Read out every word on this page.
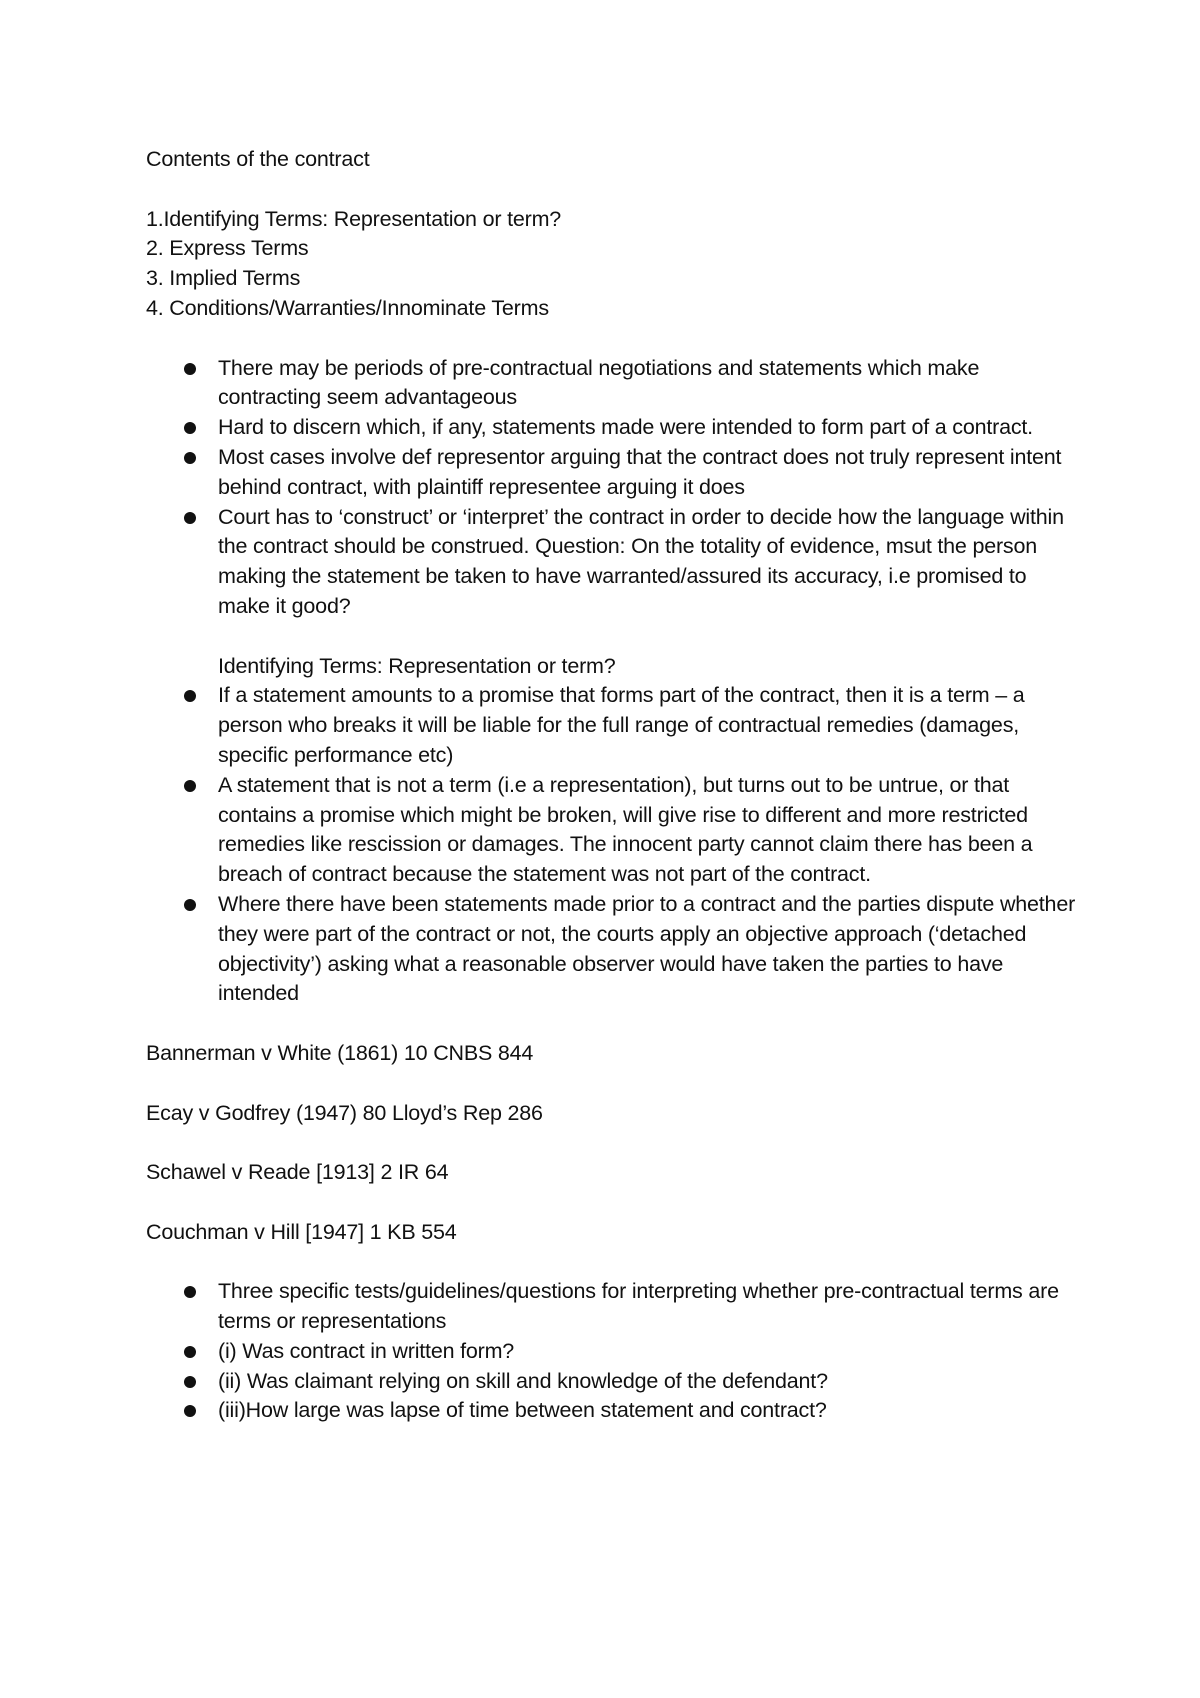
Contents of the contract

1.Identifying Terms: Representation or term?
2. Express Terms
3. Implied Terms
4. Conditions/Warranties/Innominate Terms
There may be periods of pre-contractual negotiations and statements which make contracting seem advantageous
Hard to discern which, if any, statements made were intended to form part of a contract.
Most cases involve def representor arguing that the contract does not truly represent intent behind contract, with plaintiff representee arguing it does
Court has to ‘construct’ or ‘interpret’ the contract in order to decide how the language within the contract should be construed. Question: On the totality of evidence, msut the person making the statement be taken to have warranted/assured its accuracy, i.e promised to make it good?

Identifying Terms: Representation or term?

If a statement amounts to a promise that forms part of the contract, then it is a term – a person who breaks it will be liable for the full range of contractual remedies (damages, specific performance etc)
A statement that is not a term (i.e a representation), but turns out to be untrue, or that contains a promise which might be broken, will give rise to different and more restricted remedies like rescission or damages. The innocent party cannot claim there has been a breach of contract because the statement was not part of the contract.
Where there have been statements made prior to a contract and the parties dispute whether they were part of the contract or not, the courts apply an objective approach (‘detached objectivity’) asking what a reasonable observer would have taken the parties to have intended

Bannerman v White (1861) 10 CNBS 844

Ecay v Godfrey (1947) 80 Lloyd’s Rep 286

Schawel v Reade [1913] 2 IR 64

Couchman v Hill [1947] 1 KB 554

Three specific tests/guidelines/questions for interpreting whether pre-contractual terms are terms or representations
(i) Was contract in written form?
(ii) Was claimant relying on skill and knowledge of the defendant?
(iii)How large was lapse of time between statement and contract?
